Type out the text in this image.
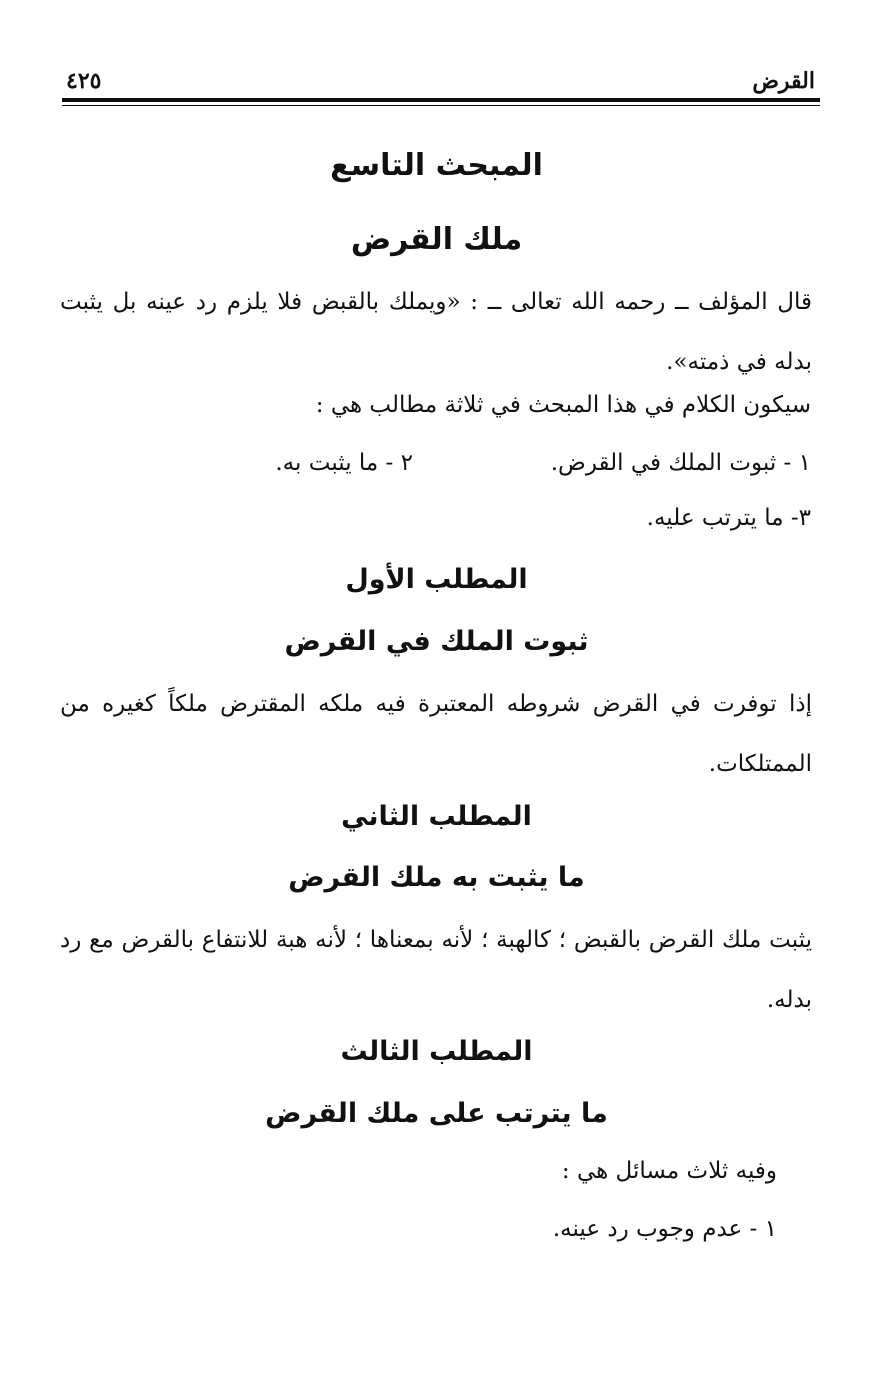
القرض
٤٢٥
المبحث التاسع
ملك القرض
قال المؤلف ــ رحمه الله تعالى ــ : «ويملك بالقبض فلا يلزم رد عينه بل يثبت بدله في ذمته».
سيكون الكلام في هذا المبحث في ثلاثة مطالب هي :
١ - ثبوت الملك في القرض.
٢ - ما يثبت به.
٣- ما يترتب عليه.
المطلب الأول
ثبوت الملك في القرض
إذا توفرت في القرض شروطه المعتبرة فيه ملكه المقترض ملكاً كغيره من الممتلكات.
المطلب الثاني
ما يثبت به ملك القرض
يثبت ملك القرض بالقبض ؛ كالهبة ؛ لأنه بمعناها ؛ لأنه هبة للانتفاع بالقرض مع رد بدله.
المطلب الثالث
ما يترتب على ملك القرض
وفيه ثلاث مسائل هي :
١ - عدم وجوب رد عينه.
